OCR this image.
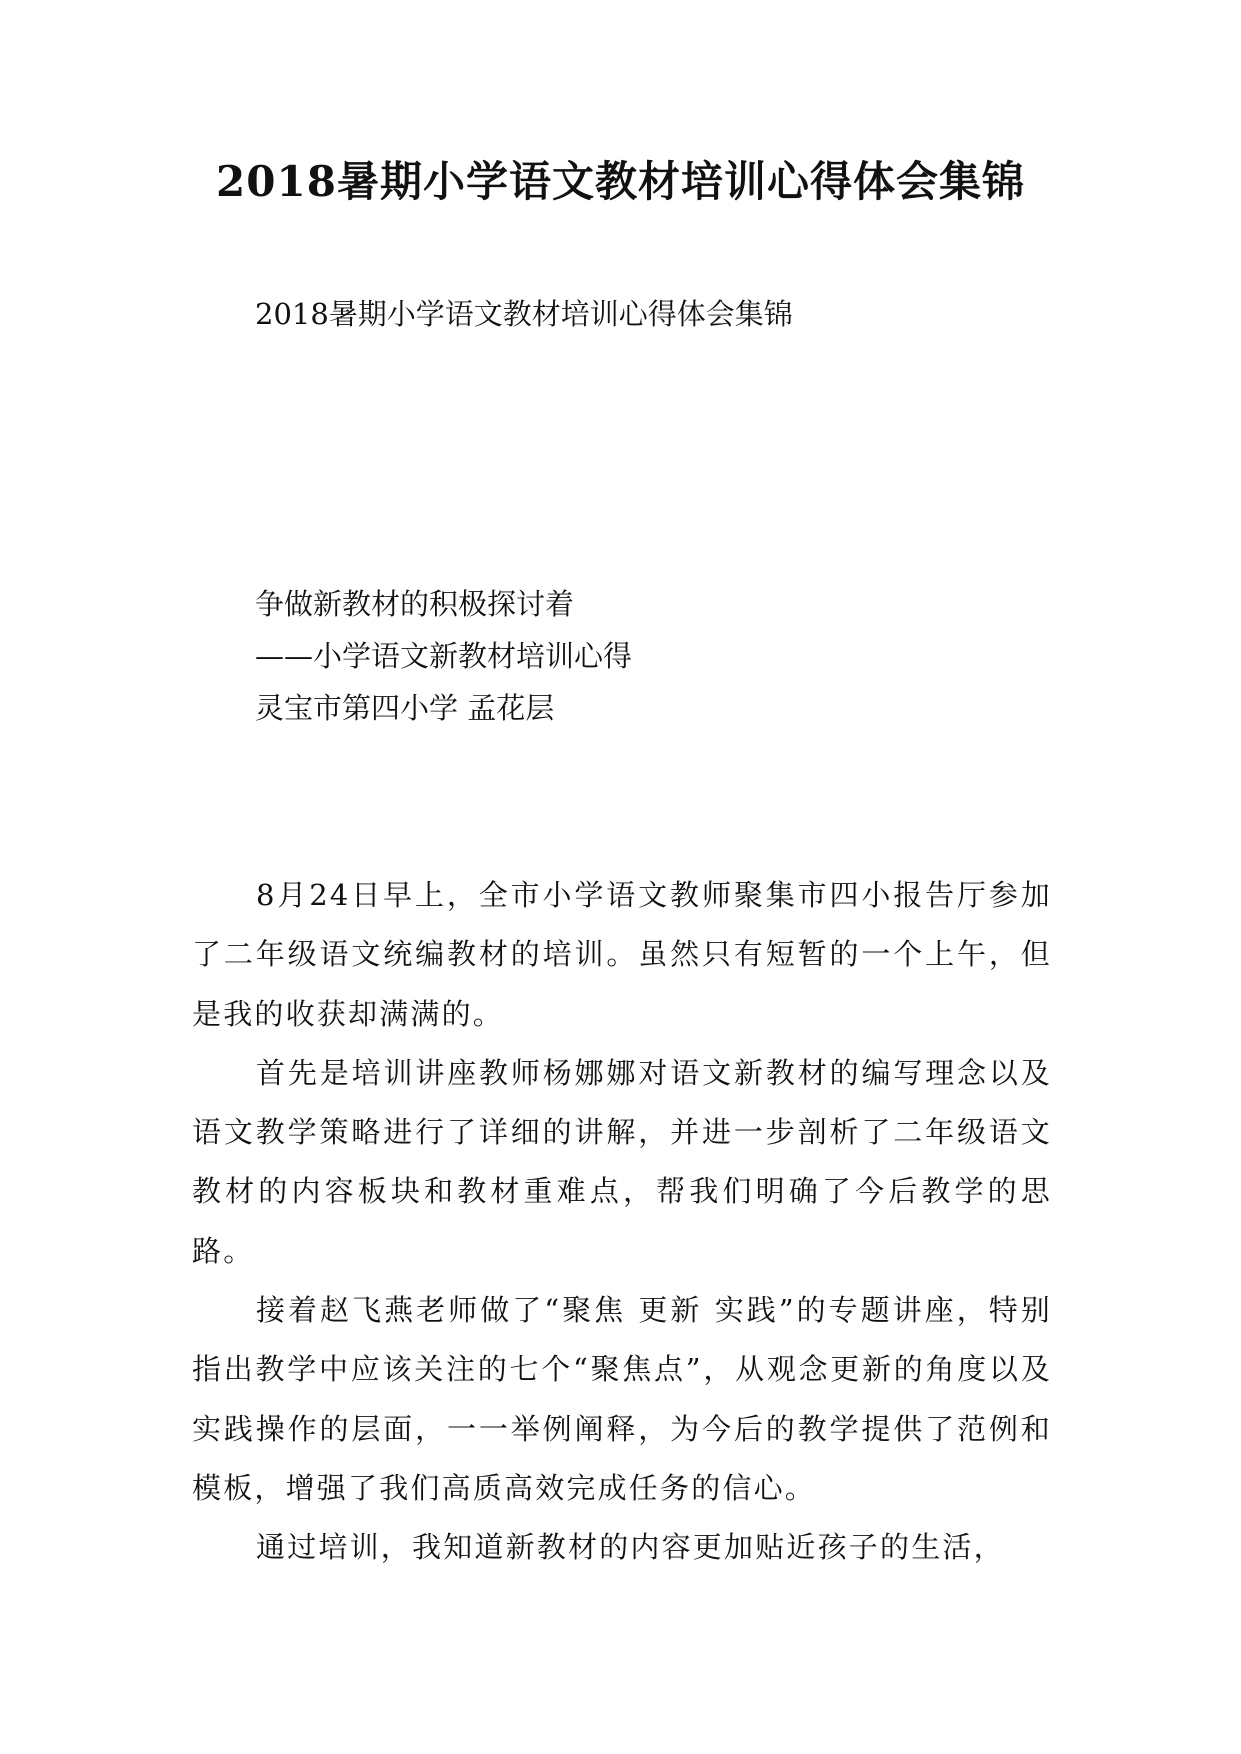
2018暑期小学语文教材培训心得体会集锦

2018暑期小学语文教材培训心得体会集锦

争做新教材的积极探讨着

——小学语文新教材培训心得

灵宝市第四小学 孟花层

8月24日早上，全市小学语文教师聚集市四小报告厅参加了二年级语文统编教材的培训。虽然只有短暂的一个上午，但是我的收获却满满的。

首先是培训讲座教师杨娜娜对语文新教材的编写理念以及语文教学策略进行了详细的讲解，并进一步剖析了二年级语文教材的内容板块和教材重难点，帮我们明确了今后教学的思路。

接着赵飞燕老师做了“聚焦 更新 实践”的专题讲座，特别指出教学中应该关注的七个“聚焦点”，从观念更新的角度以及实践操作的层面，一一举例阐释，为今后的教学提供了范例和模板，增强了我们高质高效完成任务的信心。

通过培训，我知道新教材的内容更加贴近孩子的生活，
